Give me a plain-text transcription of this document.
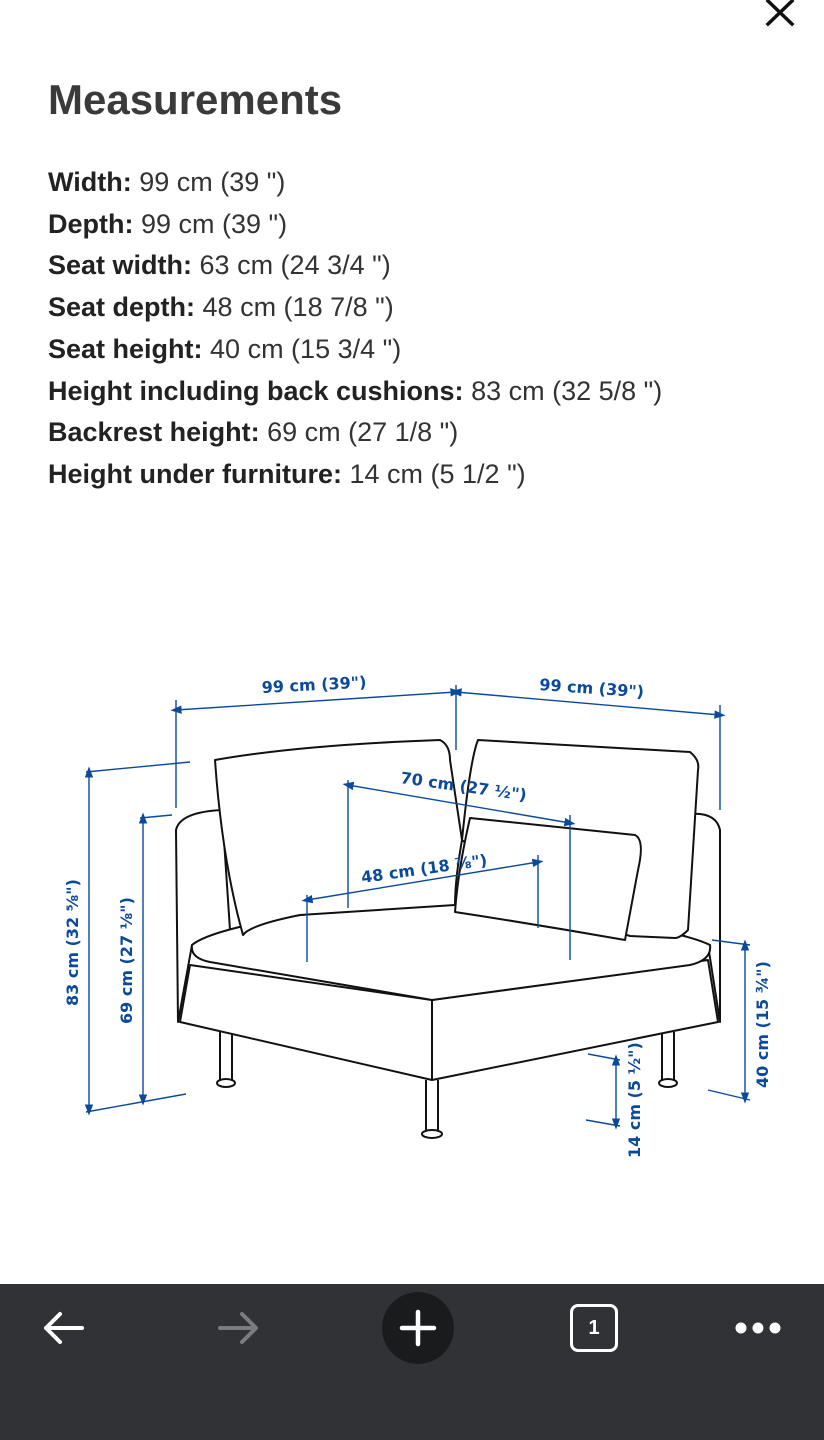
Measurements
Width: 99 cm (39 ")
Depth: 99 cm (39 ")
Seat width: 63 cm (24 3/4 ")
Seat depth: 48 cm (18 7/8 ")
Seat height: 40 cm (15 3/4 ")
Height including back cushions: 83 cm (32 5/8 ")
Backrest height: 69 cm (27 1/8 ")
Height under furniture: 14 cm (5 1/2 ")
99 cm (39")	99 cm (39")
70 cm (27 ½")
48 cm (18 ⅞")
83 cm (32 ⅝") 69 cm (27 ⅛")
40 cm (15 ¾")
14 cm (5 ½")
1
